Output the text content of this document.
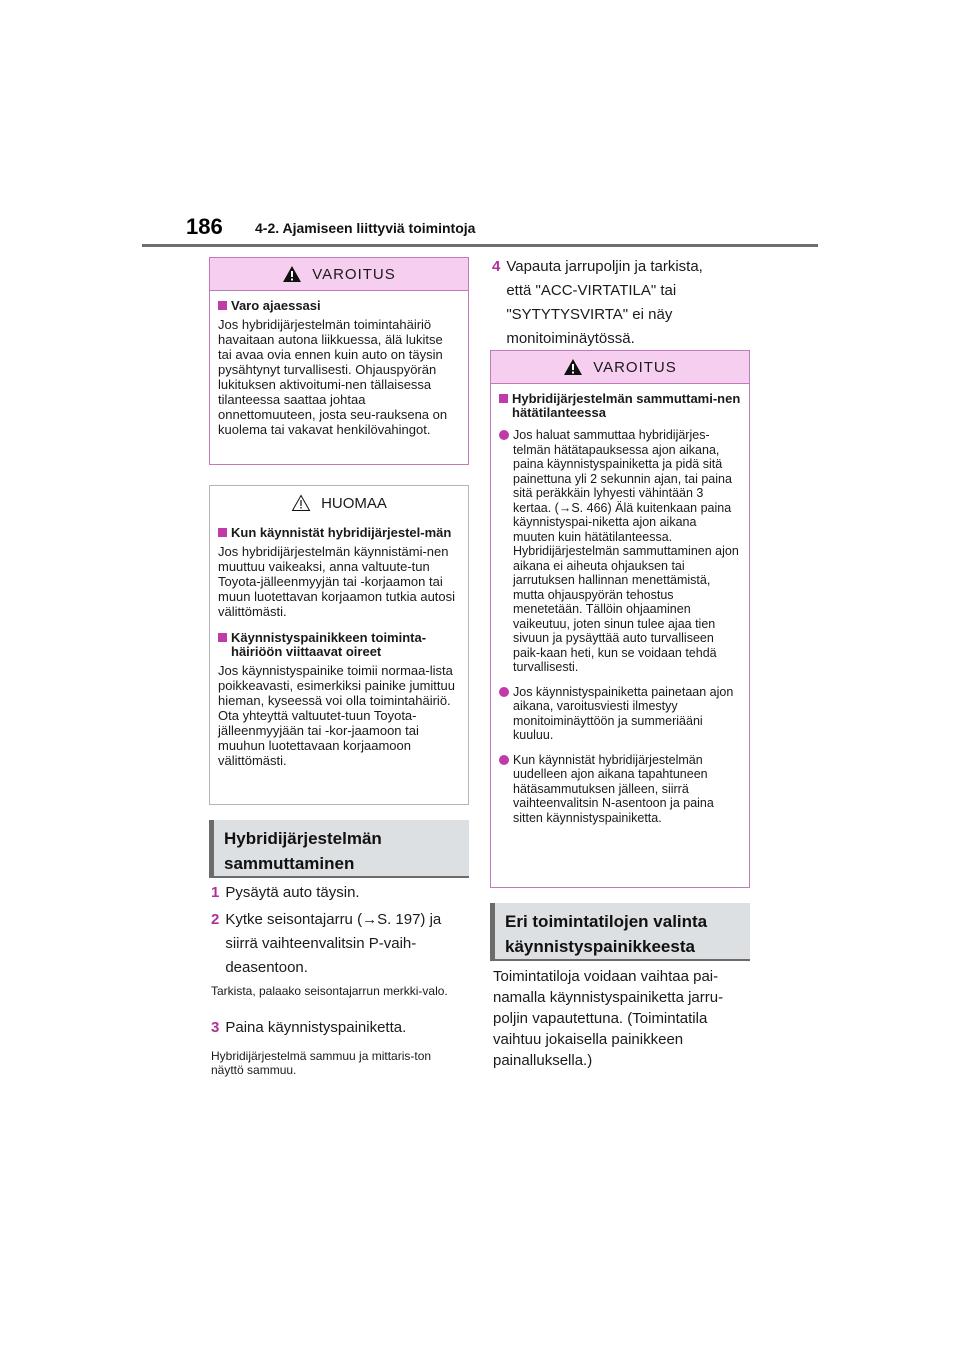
186 4-2. Ajamiseen liittyviä toimintoja
VAROITUS
Varo ajaessasi
Jos hybridijärjestelmän toimintahäiriö havaitaan autona liikkuessa, älä lukitse tai avaa ovia ennen kuin auto on täysin pysähtynyt turvallisesti. Ohjauspyörän lukituksen aktivoitumi-nen tällaisessa tilanteessa saattaa johtaa onnettomuuteen, josta seu-rauksena on kuolema tai vakavat henkilövahingot.
HUOMAA
Kun käynnistät hybridijärjestel-män
Jos hybridijärjestelmän käynnistämi-nen muuttuu vaikeaksi, anna valtuute-tun Toyota-jälleenmyyjän tai -korjaamon tai muun luotettavan korjaamon tutkia autosi välittömästi.
Käynnistyspainikkeen toiminta-häiriöön viittaavat oireet
Jos käynnistyspainike toimii normaa-lista poikkeavasti, esimerkiksi painike jumittuu hieman, kyseessä voi olla toimintahäiriö. Ota yhteyttä valtuutet-tuun Toyota-jälleenmyyjään tai -kor-jaamoon tai muuhun luotettavaan korjaamoon välittömästi.
Hybridijärjestelmän sammuttaminen
1 Pysäytä auto täysin.
2 Kytke seisontajarru (→S. 197) ja siirrä vaihteenvalitsin P-vaih-deasentoon.
Tarkista, palaako seisontajarrun merkki-valo.
3 Paina käynnistyspainiketta.
Hybridijärjestelmä sammuu ja mittaris-ton näyttö sammuu.
4 Vapauta jarrupoljin ja tarkista, että "ACC-VIRTATILA" tai "SYTYTYSVIRTA" ei näy monitoiminäytössä.
VAROITUS
Hybridijärjestelmän sammuttami-nen hätätilanteessa
Jos haluat sammuttaa hybridijärjes-telmän hätätapauksessa ajon aikana, paina käynnistyspainiketta ja pidä sitä painettuna yli 2 sekunnin ajan, tai paina sitä peräkkäin lyhyesti vähintään 3 kertaa. (→S. 466) Älä kuitenkaan paina käynnistyspai-niketta ajon aikana muuten kuin hätätilanteessa. Hybridijärjestelmän sammuttaminen ajon aikana ei aiheuta ohjauksen tai jarrutuksen hallinnan menettämistä, mutta ohjauspyörän tehostus menetetään. Tällöin ohjaaminen vaikeutuu, joten sinun tulee ajaa tien sivuun ja pysäyttää auto turvalliseen paik-kaan heti, kun se voidaan tehdä turvallisesti.
Jos käynnistyspainiketta painetaan ajon aikana, varoitusviesti ilmestyy monitoiminäyttöön ja summeriääni kuuluu.
Kun käynnistät hybridijärjestelmän uudelleen ajon aikana tapahtuneen hätäsammutuksen jälleen, siirrä vaihteenvalitsin N-asentoon ja paina sitten käynnistyspainiketta.
Eri toimintatilojen valinta käynnistyspainikkeesta
Toimintatiloja voidaan vaihtaa pai-namalla käynnistyspainiketta jarru-poljin vapautettuna. (Toimintatila vaihtuu jokaisella painikkeen painalluksella.)
